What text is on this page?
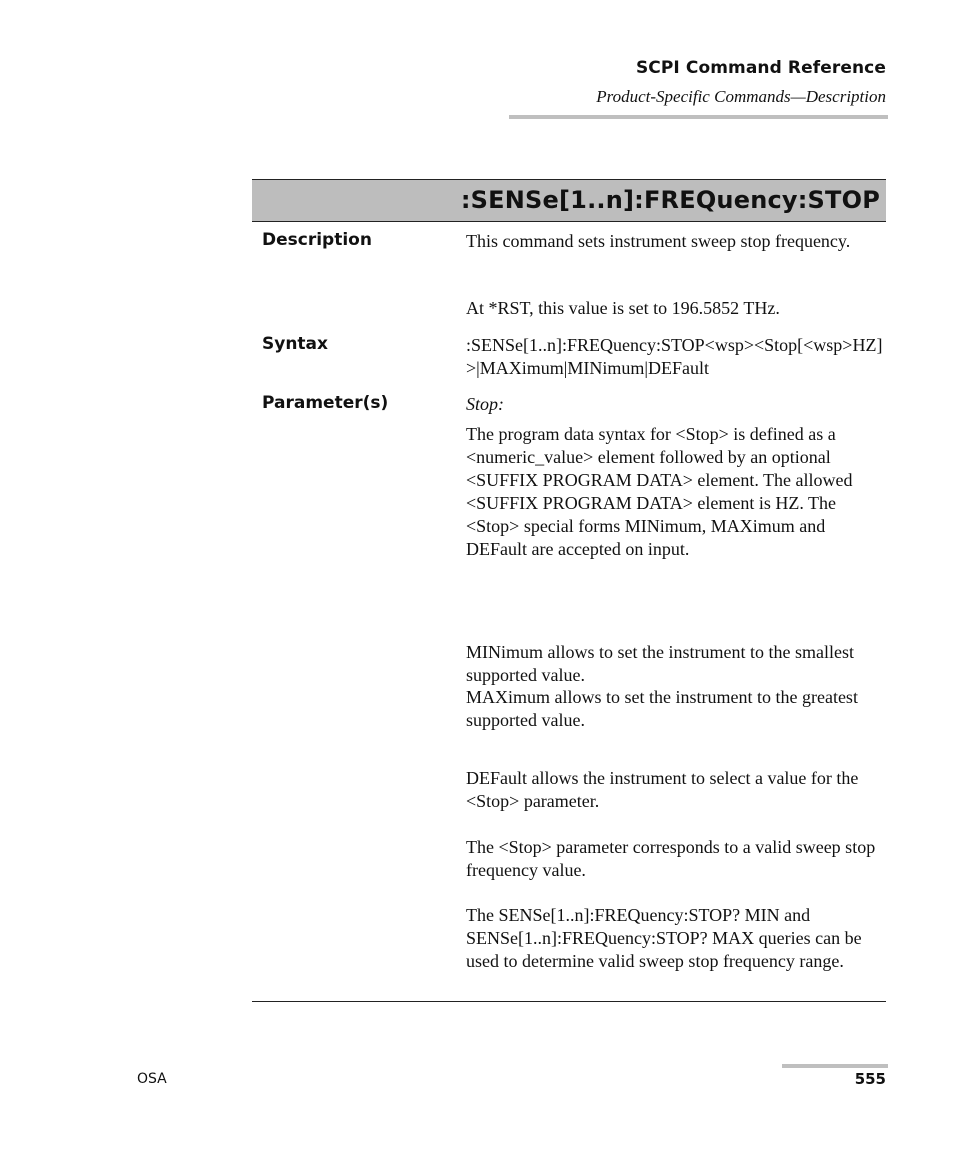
SCPI Command Reference
Product-Specific Commands—Description
:SENSe[1..n]:FREQuency:STOP
Description	This command sets instrument sweep stop frequency.
At *RST, this value is set to 196.5852 THz.
Syntax	:SENSe[1..n]:FREQuency:STOP<wsp><Stop[<wsp>HZ]>|MAXimum|MINimum|DEFault
Parameter(s)	Stop:
The program data syntax for <Stop> is defined as a <numeric_value> element followed by an optional <SUFFIX PROGRAM DATA> element. The allowed <SUFFIX PROGRAM DATA> element is HZ. The <Stop> special forms MINimum, MAXimum and DEFault are accepted on input.
MINimum allows to set the instrument to the smallest supported value.
MAXimum allows to set the instrument to the greatest supported value.
DEFault allows the instrument to select a value for the <Stop> parameter.
The <Stop> parameter corresponds to a valid sweep stop frequency value.
The SENSe[1..n]:FREQuency:STOP? MIN and SENSe[1..n]:FREQuency:STOP? MAX queries can be used to determine valid sweep stop frequency range.
OSA	555
